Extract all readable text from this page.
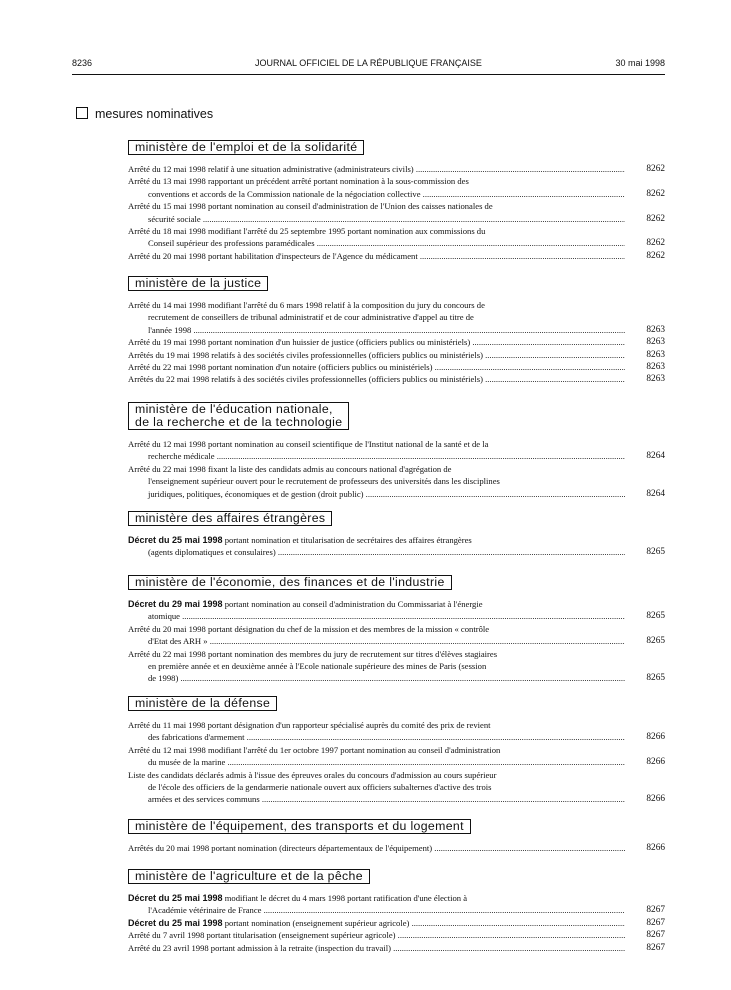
8236	JOURNAL OFFICIEL DE LA RÉPUBLIQUE FRANÇAISE	30 mai 1998
mesures nominatives
ministère de l'emploi et de la solidarité
Arrêté du 12 mai 1998 relatif à une situation administrative (administrateurs civils) .....	8262
Arrêté du 13 mai 1998 rapportant un précédent arrêté portant nomination à la sous-commission des
conventions et accords de la Commission nationale de la négociation collective .....	8262
Arrêté du 15 mai 1998 portant nomination au conseil d'administration de l'Union des caisses nationales de
sécurité sociale .....	8262
Arrêté du 18 mai 1998 modifiant l'arrêté du 25 septembre 1995 portant nomination aux commissions du
Conseil supérieur des professions paramédicales .....	8262
Arrêté du 20 mai 1998 portant habilitation d'inspecteurs de l'Agence du médicament .....	8262
ministère de la justice
Arrêté du 14 mai 1998 modifiant l'arrêté du 6 mars 1998 relatif à la composition du jury du concours de
recrutement de conseillers de tribunal administratif et de cour administrative d'appel au titre de
l'année 1998 .....	8263
Arrêté du 19 mai 1998 portant nomination d'un huissier de justice (officiers publics ou ministériels) .....	8263
Arrêtés du 19 mai 1998 relatifs à des sociétés civiles professionnelles (officiers publics ou ministériels) .....	8263
Arrêté du 22 mai 1998 portant nomination d'un notaire (officiers publics ou ministériels) .....	8263
Arrêtés du 22 mai 1998 relatifs à des sociétés civiles professionnelles (officiers publics ou ministériels) .....	8263
ministère de l'éducation nationale,
de la recherche et de la technologie
Arrêté du 12 mai 1998 portant nomination au conseil scientifique de l'Institut national de la santé et de la
recherche médicale .....	8264
Arrêté du 22 mai 1998 fixant la liste des candidats admis au concours national d'agrégation de
l'enseignement supérieur ouvert pour le recrutement de professeurs des universités dans les disciplines
juridiques, politiques, économiques et de gestion (droit public) .....	8264
ministère des affaires étrangères
Décret du 25 mai 1998 portant nomination et titularisation de secrétaires des affaires étrangères
(agents diplomatiques et consulaires) .....	8265
ministère de l'économie, des finances et de l'industrie
Décret du 29 mai 1998 portant nomination au conseil d'administration du Commissariat à l'énergie
atomique .....	8265
Arrêté du 20 mai 1998 portant désignation du chef de la mission et des membres de la mission « contrôle
d'Etat des ARH » .....	8265
Arrêté du 22 mai 1998 portant nomination des membres du jury de recrutement sur titres d'élèves stagiaires
en première année et en deuxième année à l'Ecole nationale supérieure des mines de Paris (session
de 1998) .....	8265
ministère de la défense
Arrêté du 11 mai 1998 portant désignation d'un rapporteur spécialisé auprès du comité des prix de revient
des fabrications d'armement .....	8266
Arrêté du 12 mai 1998 modifiant l'arrêté du 1er octobre 1997 portant nomination au conseil d'administration
du musée de la marine .....	8266
Liste des candidats déclarés admis à l'issue des épreuves orales du concours d'admission au cours supérieur
de l'école des officiers de la gendarmerie nationale ouvert aux officiers subalternes d'active des trois
armées et des services communs .....	8266
ministère de l'équipement, des transports et du logement
Arrêtés du 20 mai 1998 portant nomination (directeurs départementaux de l'équipement) .....	8266
ministère de l'agriculture et de la pêche
Décret du 25 mai 1998 modifiant le décret du 4 mars 1998 portant ratification d'une élection à
l'Académie vétérinaire de France .....	8267
Décret du 25 mai 1998 portant nomination (enseignement supérieur agricole) .....	8267
Arrêté du 7 avril 1998 portant titularisation (enseignement supérieur agricole) .....	8267
Arrêté du 23 avril 1998 portant admission à la retraite (inspection du travail) .....	8267
